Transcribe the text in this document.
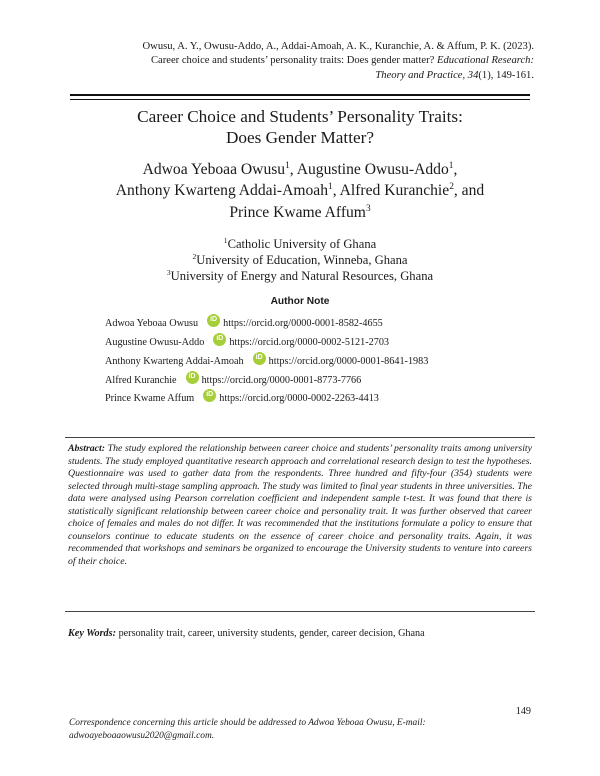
Owusu, A. Y., Owusu-Addo, A., Addai-Amoah, A. K., Kuranchie, A. & Affum, P. K. (2023).
Career choice and students’ personality traits: Does gender matter? Educational Research:
Theory and Practice, 34(1), 149-161.
Career Choice and Students’ Personality Traits:
Does Gender Matter?
Adwoa Yeboaa Owusu$^1$, Augustine Owusu-Addo$^1$,
Anthony Kwarteng Addai-Amoah$^1$, Alfred Kuranchie$^2$, and
Prince Kwame Affum$^3$
$^1$Catholic University of Ghana
$^2$University of Education, Winneba, Ghana
$^3$University of Energy and Natural Resources, Ghana
Author Note
Adwoa Yeboaa Owusu	iD https://orcid.org/0000-0001-8582-4655
Augustine Owusu-Addo	iD https://orcid.org/0000-0002-5121-2703
Anthony Kwarteng Addai-Amoah	iD https://orcid.org/0000-0001-8641-1983
Alfred Kuranchie	iD https://orcid.org/0000-0001-8773-7766
Prince Kwame Affum	iD https://orcid.org/0000-0002-2263-4413
Abstract: The study explored the relationship between career choice and students’ personality traits among university students. The study employed quantitative research approach and correlational research design to test the hypotheses. Questionnaire was used to gather data from the respondents. Three hundred and fifty-four (354) students were selected through multi-stage sampling approach. The study was limited to final year students in three universities. The data were analysed using Pearson correlation coefficient and independent sample t-test. It was found that there is statistically significant relationship between career choice and personality trait. It was further observed that career choice of females and males do not differ. It was recommended that the institutions formulate a policy to ensure that counselors continue to educate students on the essence of career choice and personality traits. Again, it was recommended that workshops and seminars be organized to encourage the University students to venture into careers of their choice.
Key Words: personality trait, career, university students, gender, career decision, Ghana
149
Correspondence concerning this article should be addressed to Adwoa Yeboaa Owusu, E-mail:
adwoayeboaaowusu2020@gmail.com.
